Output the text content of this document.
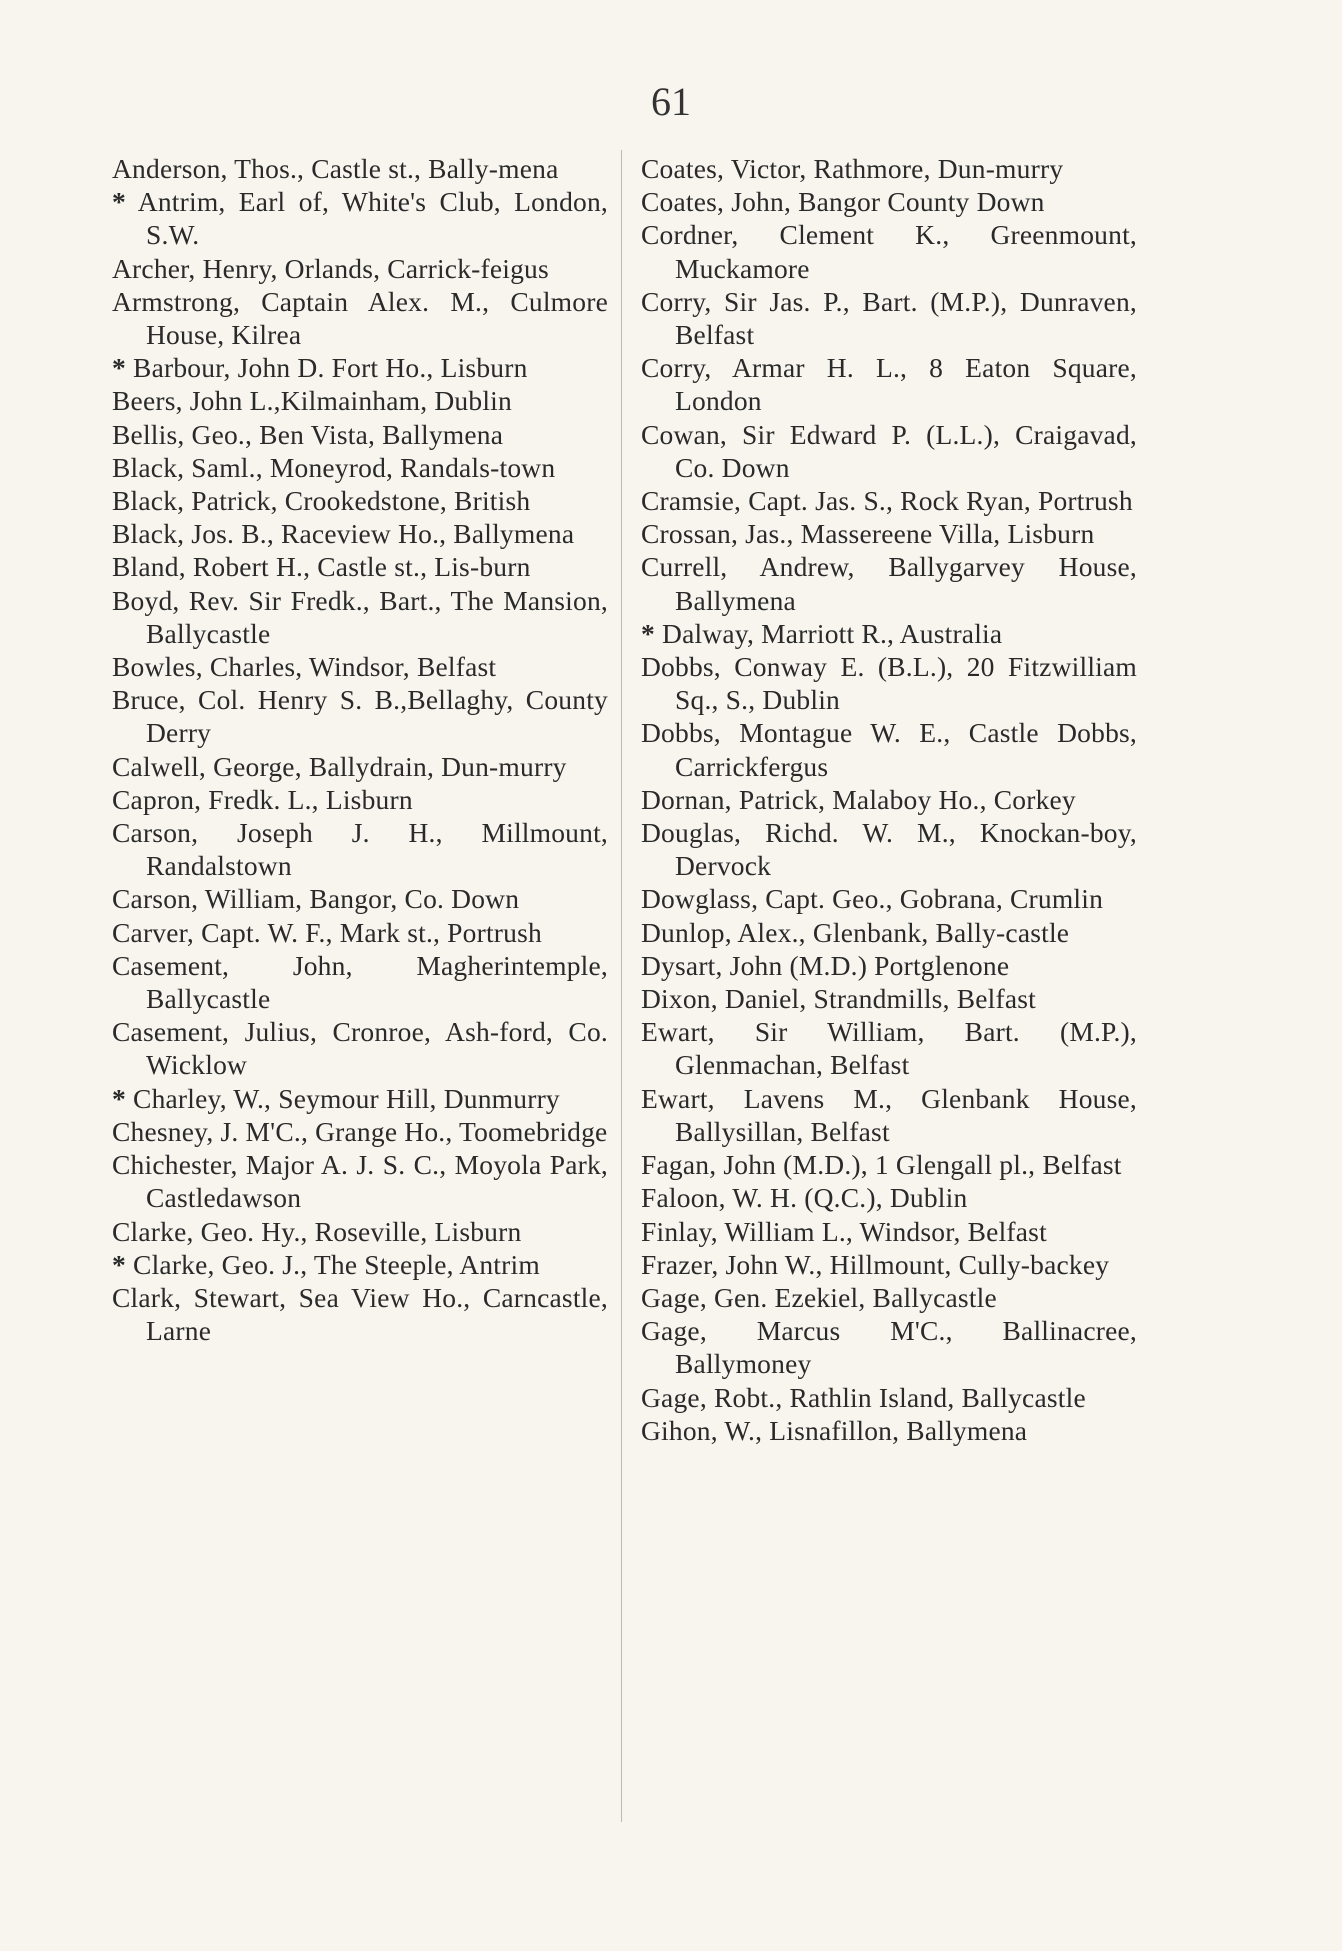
61
Anderson, Thos., Castle st., Bally-mena
* Antrim, Earl of, White's Club, London, S.W.
Archer, Henry, Orlands, Carrick-feigus
Armstrong, Captain Alex. M., Culmore House, Kilrea
* Barbour, John D. Fort Ho., Lisburn
Beers, John L.,Kilmainham, Dublin
Bellis, Geo., Ben Vista, Ballymena
Black, Saml., Moneyrod, Randals-town
Black, Patrick, Crookedstone, British
Black, Jos. B., Raceview Ho., Ballymena
Bland, Robert H., Castle st., Lis-burn
Boyd, Rev. Sir Fredk., Bart., The Mansion, Ballycastle
Bowles, Charles, Windsor, Belfast
Bruce, Col. Henry S. B.,Bellaghy, County Derry
Calwell, George, Ballydrain, Dun-murry
Capron, Fredk. L., Lisburn
Carson, Joseph J. H., Millmount, Randalstown
Carson, William, Bangor, Co. Down
Carver, Capt. W. F., Mark st., Portrush
Casement, John, Magherintemple, Ballycastle
Casement, Julius, Cronroe, Ash-ford, Co. Wicklow
* Charley, W., Seymour Hill, Dunmurry
Chesney, J. M'C., Grange Ho., Toomebridge
Chichester, Major A. J. S. C., Moyola Park, Castledawson
Clarke, Geo. Hy., Roseville, Lisburn
* Clarke, Geo. J., The Steeple, Antrim
Clark, Stewart, Sea View Ho., Carncastle, Larne
Coates, Victor, Rathmore, Dun-murry
Coates, John, Bangor County Down
Cordner, Clement K., Greenmount, Muckamore
Corry, Sir Jas. P., Bart. (M.P.), Dunraven, Belfast
Corry, Armar H. L., 8 Eaton Square, London
Cowan, Sir Edward P. (L.L.), Craigavad, Co. Down
Cramsie, Capt. Jas. S., Rock Ryan, Portrush
Crossan, Jas., Massereene Villa, Lisburn
Currell, Andrew, Ballygarvey House, Ballymena
* Dalway, Marriott R., Australia
Dobbs, Conway E. (B.L.), 20 Fitzwilliam Sq., S., Dublin
Dobbs, Montague W. E., Castle Dobbs, Carrickfergus
Dornan, Patrick, Malaboy Ho., Corkey
Douglas, Richd. W. M., Knockan-boy, Dervock
Dowglass, Capt. Geo., Gobrana, Crumlin
Dunlop, Alex., Glenbank, Bally-castle
Dysart, John (M.D.) Portglenone
Dixon, Daniel, Strandmills, Belfast
Ewart, Sir William, Bart. (M.P.), Glenmachan, Belfast
Ewart, Lavens M., Glenbank House, Ballysillan, Belfast
Fagan, John (M.D.), 1 Glengall pl., Belfast
Faloon, W. H. (Q.C.), Dublin
Finlay, William L., Windsor, Belfast
Frazer, John W., Hillmount, Cully-backey
Gage, Gen. Ezekiel, Ballycastle
Gage, Marcus M'C., Ballinacree, Ballymoney
Gage, Robt., Rathlin Island, Ballycastle
Gihon, W., Lisnafillon, Ballymena
